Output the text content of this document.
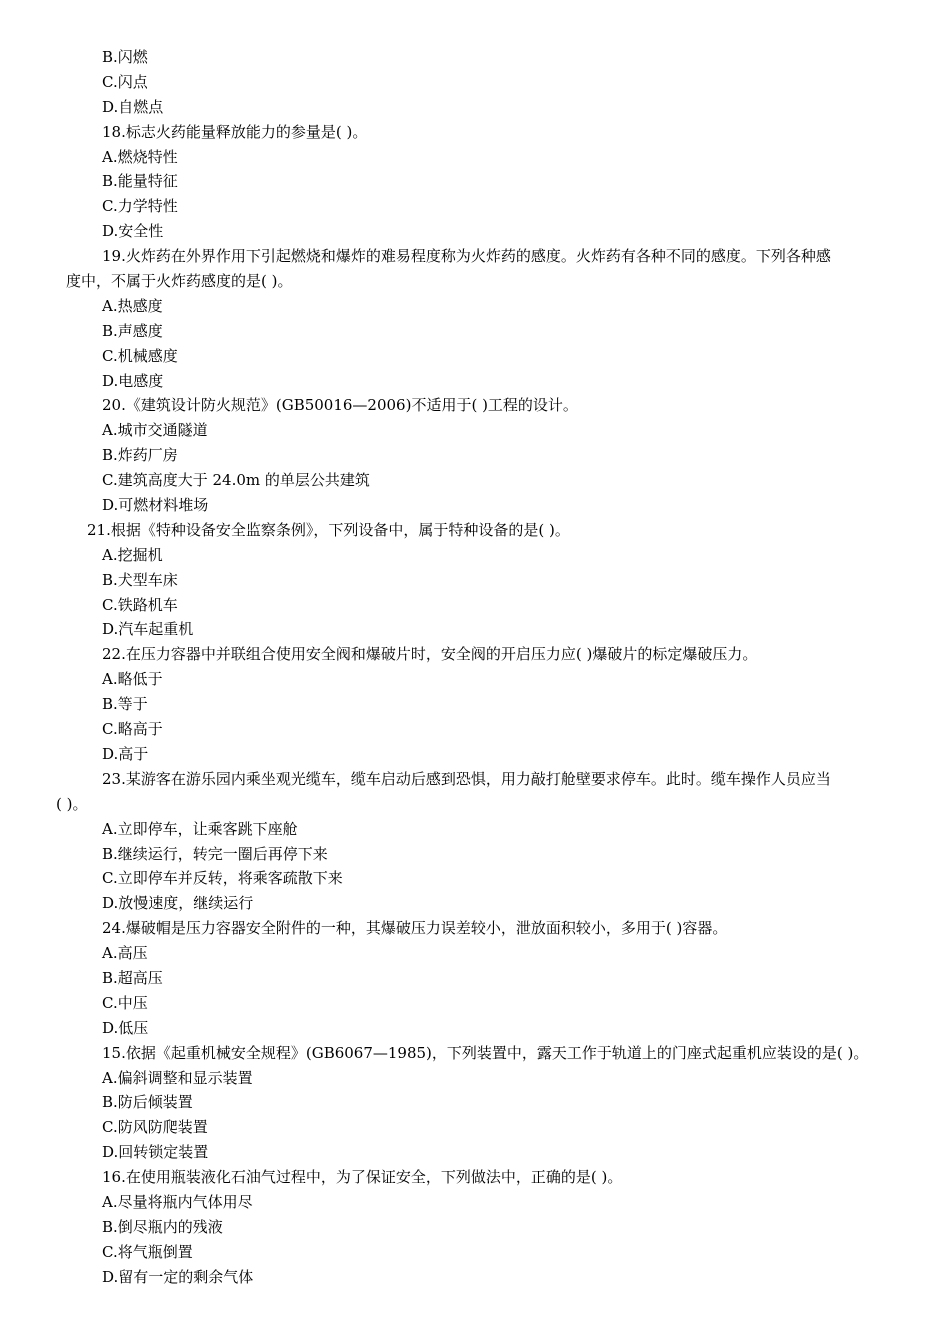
B.闪燃
C.闪点
D.自燃点
18.标志火药能量释放能力的参量是( )。
A.燃烧特性
B.能量特征
C.力学特性
D.安全性
19.火炸药在外界作用下引起燃烧和爆炸的难易程度称为火炸药的感度。火炸药有各种不同的感度。下列各种感
度中，不属于火炸药感度的是( )。
A.热感度
B.声感度
C.机械感度
D.电感度
20.《建筑设计防火规范》(GB50016—2006)不适用于( )工程的设计。
A.城市交通隧道
B.炸药厂房
C.建筑高度大于 24.0m 的单层公共建筑
D.可燃材料堆场
21.根据《特种设备安全监察条例》，下列设备中，属于特种设备的是( )。
A.挖掘机
B.犬型车床
C.铁路机车
D.汽车起重机
22.在压力容器中并联组合使用安全阀和爆破片时，安全阀的开启压力应( )爆破片的标定爆破压力。
A.略低于
B.等于
C.略高于
D.高于
23.某游客在游乐园内乘坐观光缆车，缆车启动后感到恐惧，用力敲打舱壁要求停车。此时。缆车操作人员应当
( )。
A.立即停车，让乘客跳下座舱
B.继续运行，转完一圈后再停下来
C.立即停车并反转，将乘客疏散下来
D.放慢速度，继续运行
24.爆破帽是压力容器安全附件的一种，其爆破压力误差较小，泄放面积较小，多用于( )容器。
A.高压
B.超高压
C.中压
D.低压
15.依据《起重机械安全规程》(GB6067—1985)，下列装置中，露天工作于轨道上的门座式起重机应装设的是( )。
A.偏斜调整和显示装置
B.防后倾装置
C.防风防爬装置
D.回转锁定装置
16.在使用瓶装液化石油气过程中，为了保证安全，下列做法中，正确的是( )。
A.尽量将瓶内气体用尽
B.倒尽瓶内的残液
C.将气瓶倒置
D.留有一定的剩余气体
